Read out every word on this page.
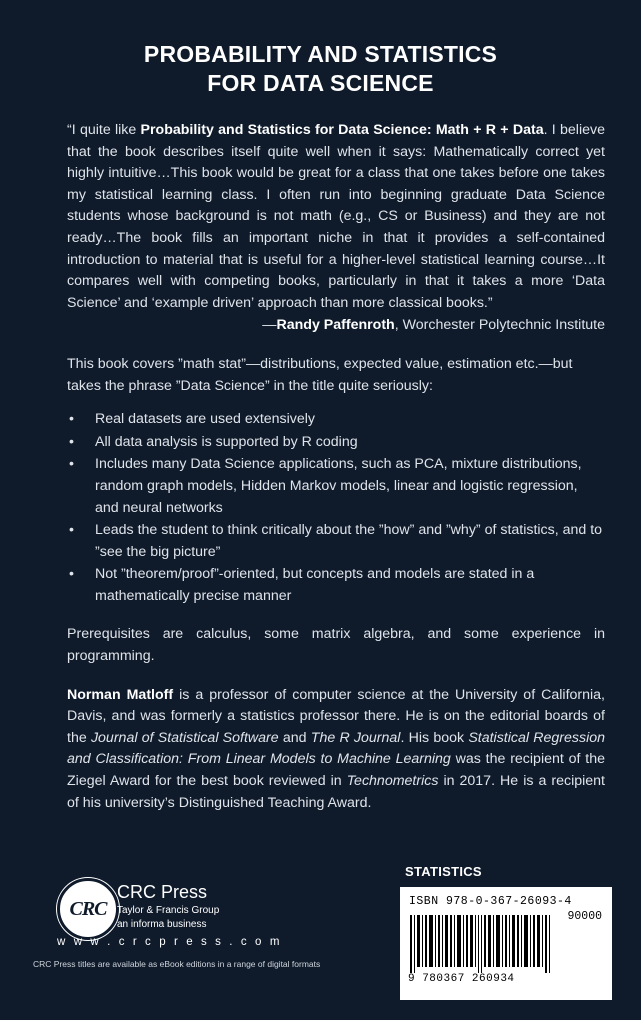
PROBABILITY AND STATISTICS
FOR DATA SCIENCE

“I quite like Probability and Statistics for Data Science: Math + R + Data. I believe that the book describes itself quite well when it says: Mathematically correct yet highly intuitive…This book would be great for a class that one takes before one takes my statistical learning class. I often run into beginning graduate Data Science students whose background is not math (e.g., CS or Business) and they are not ready…The book fills an important niche in that it provides a self-contained introduction to material that is useful for a higher-level statistical learning course…It compares well with competing books, particularly in that it takes a more ‘Data Science’ and ‘example driven’ approach than more classical books.”

—Randy Paffenroth, Worchester Polytechnic Institute

This book covers ”math stat”—distributions, expected value, estimation etc.—but takes the phrase ”Data Science” in the title quite seriously:

• Real datasets are used extensively
• All data analysis is supported by R coding
• Includes many Data Science applications, such as PCA, mixture distributions, random graph models, Hidden Markov models, linear and logistic regression, and neural networks
• Leads the student to think critically about the ”how” and ”why” of statistics, and to ”see the big picture”
• Not ”theorem/proof”-oriented, but concepts and models are stated in a mathematically precise manner

Prerequisites are calculus, some matrix algebra, and some experience in programming.

Norman Matloff is a professor of computer science at the University of California, Davis, and was formerly a statistics professor there. He is on the editorial boards of the Journal of Statistical Software and The R Journal. His book Statistical Regression and Classification: From Linear Models to Machine Learning was the recipient of the Ziegel Award for the best book reviewed in Technometrics in 2017. He is a recipient of his university’s Distinguished Teaching Award.

CRC
CRC Press
Taylor & Francis Group
an informa business
w w w . c r c p r e s s . c o m
CRC Press titles are available as eBook editions in a range of digital formats
STATISTICS
ISBN 978-0-367-26093-4
90000
9 780367 260934
